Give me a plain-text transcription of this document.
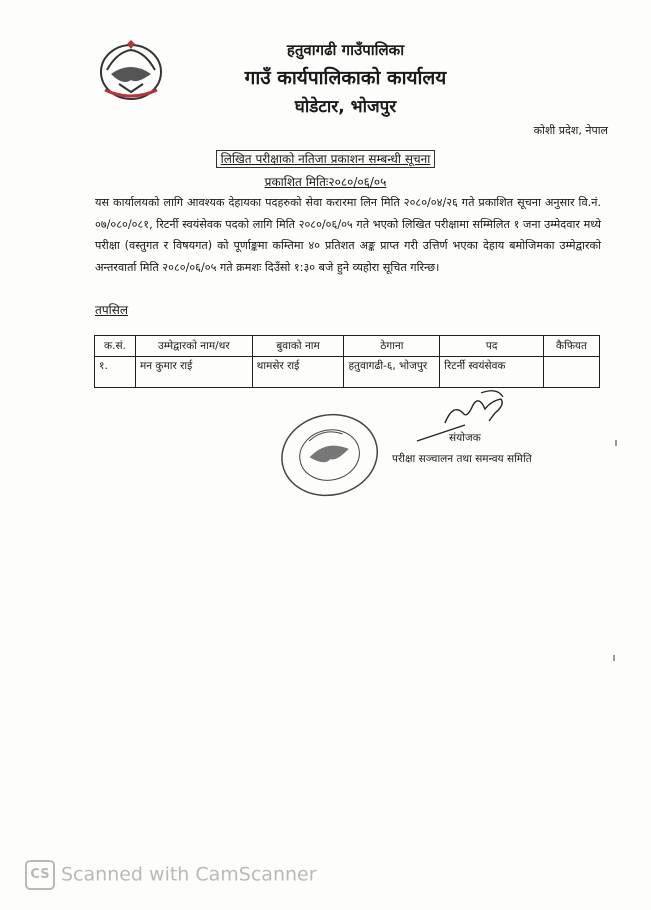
हतुवागढी गाउँपालिका
गाउँ कार्यपालिकाको कार्यालय
घोडेटार, भोजपुर
कोशी प्रदेश, नेपाल
लिखित परीक्षाको नतिजा प्रकाशन सम्बन्धी सूचना
प्रकाशित मितिः२०८०/०६/०५
यस कार्यालयको लागि आवश्यक देहायका पदहरुको सेवा करारमा लिन मिति २०८०/०४/२६ गते प्रकाशित सूचना अनुसार वि.नं. ०७/०८०/०८१, रिटर्नी स्वयंसेवक पदको लागि मिति २०८०/०६/०५ गते भएको लिखित परीक्षामा सम्मिलित १ जना उम्मेदवार मध्ये परीक्षा (वस्तुगत र विषयगत) को पूर्णाङ्कमा कम्तिमा ४० प्रतिशत अङ्क प्राप्त गरी उत्तिर्ण भएका देहाय बमोजिमका उम्मेद्वारको अन्तरवार्ता मिति २०८०/०६/०५ गते क्रमशः दिउँसो १:३० बजे हुने व्यहोरा सूचित गरिन्छ।
तपसिल
क.सं.	उम्मेद्वारको नाम/थर	बुवाको नाम	ठेगाना	पद	कैफियत
१.	मन कुमार राई	थामसेर राई	हतुवागढी-६, भोजपुर	रिटर्नी स्वयंसेवक	
संयोजक
परीक्षा सञ्चालन तथा समन्वय समिति
CS Scanned with CamScanner
